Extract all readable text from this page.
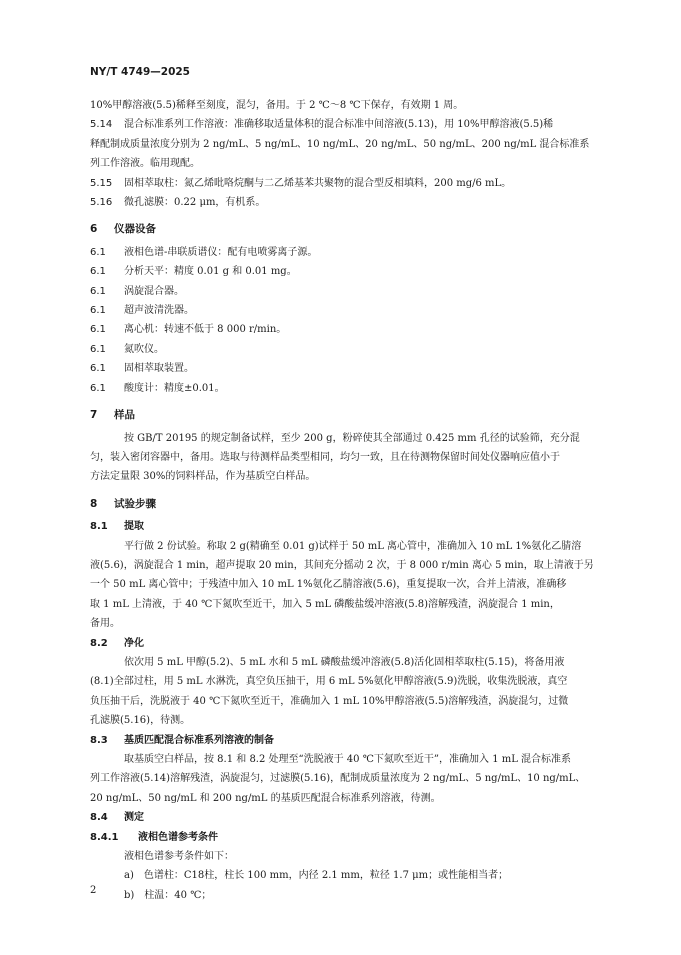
NY/T 4749—2025
10%甲醇溶液(5.5)稀释至刻度，混匀，备用。于 2 ℃～8 ℃下保存，有效期 1 周。
5.14 混合标准系列工作溶液：准确移取适量体积的混合标准中间溶液(5.13)，用 10%甲醇溶液(5.5)稀
释配制成质量浓度分别为 2 ng/mL、5 ng/mL、10 ng/mL、20 ng/mL、50 ng/mL、200 ng/mL 混合标准系
列工作溶液。临用现配。
5.15 固相萃取柱：氮乙烯吡咯烷酮与二乙烯基苯共聚物的混合型反相填料，200 mg/6 mL。
5.16 微孔滤膜：0.22 μm，有机系。
6 仪器设备
6.1 液相色谱-串联质谱仪：配有电喷雾离子源。
6.1 分析天平：精度 0.01 g 和 0.01 mg。
6.1 涡旋混合器。
6.1 超声波清洗器。
6.1 离心机：转速不低于 8 000 r/min。
6.1 氮吹仪。
6.1 固相萃取装置。
6.1 酸度计：精度±0.01。
7 样品
按 GB/T 20195 的规定制备试样，至少 200 g，粉碎使其全部通过 0.425 mm 孔径的试验筛，充分混
匀，装入密闭容器中，备用。选取与待测样品类型相同，均匀一致，且在待测物保留时间处仪器响应值小于
方法定量限 30%的饲料样品，作为基质空白样品。
8 试验步骤
8.1 提取
平行做 2 份试验。称取 2 g(精确至 0.01 g)试样于 50 mL 离心管中，准确加入 10 mL 1%氨化乙腈溶
液(5.6)，涡旋混合 1 min，超声提取 20 min，其间充分摇动 2 次，于 8 000 r/min 离心 5 min，取上清液于另
一个 50 mL 离心管中；于残渣中加入 10 mL 1%氨化乙腈溶液(5.6)，重复提取一次，合并上清液，准确移
取 1 mL 上清液，于 40 ℃下氮吹至近干，加入 5 mL 磷酸盐缓冲溶液(5.8)溶解残渣，涡旋混合 1 min，
备用。
8.2 净化
依次用 5 mL 甲醇(5.2)、5 mL 水和 5 mL 磷酸盐缓冲溶液(5.8)活化固相萃取柱(5.15)，将备用液
(8.1)全部过柱，用 5 mL 水淋洗，真空负压抽干，用 6 mL 5%氨化甲醇溶液(5.9)洗脱，收集洗脱液，真空
负压抽干后，洗脱液于 40 ℃下氮吹至近干，准确加入 1 mL 10%甲醇溶液(5.5)溶解残渣，涡旋混匀，过微
孔滤膜(5.16)，待测。
8.3 基质匹配混合标准系列溶液的制备
取基质空白样品，按 8.1 和 8.2 处理至“洗脱液于 40 ℃下氮吹至近干”，准确加入 1 mL 混合标准系
列工作溶液(5.14)溶解残渣，涡旋混匀，过滤膜(5.16)，配制成质量浓度为 2 ng/mL、5 ng/mL、10 ng/mL、
20 ng/mL、50 ng/mL 和 200 ng/mL 的基质匹配混合标准系列溶液，待测。
8.4 测定
8.4.1 液相色谱参考条件
液相色谱参考条件如下：
a)　色谱柱：C18柱，柱长 100 mm，内径 2.1 mm，粒径 1.7 μm；或性能相当者；
b)　柱温：40 ℃；
2
